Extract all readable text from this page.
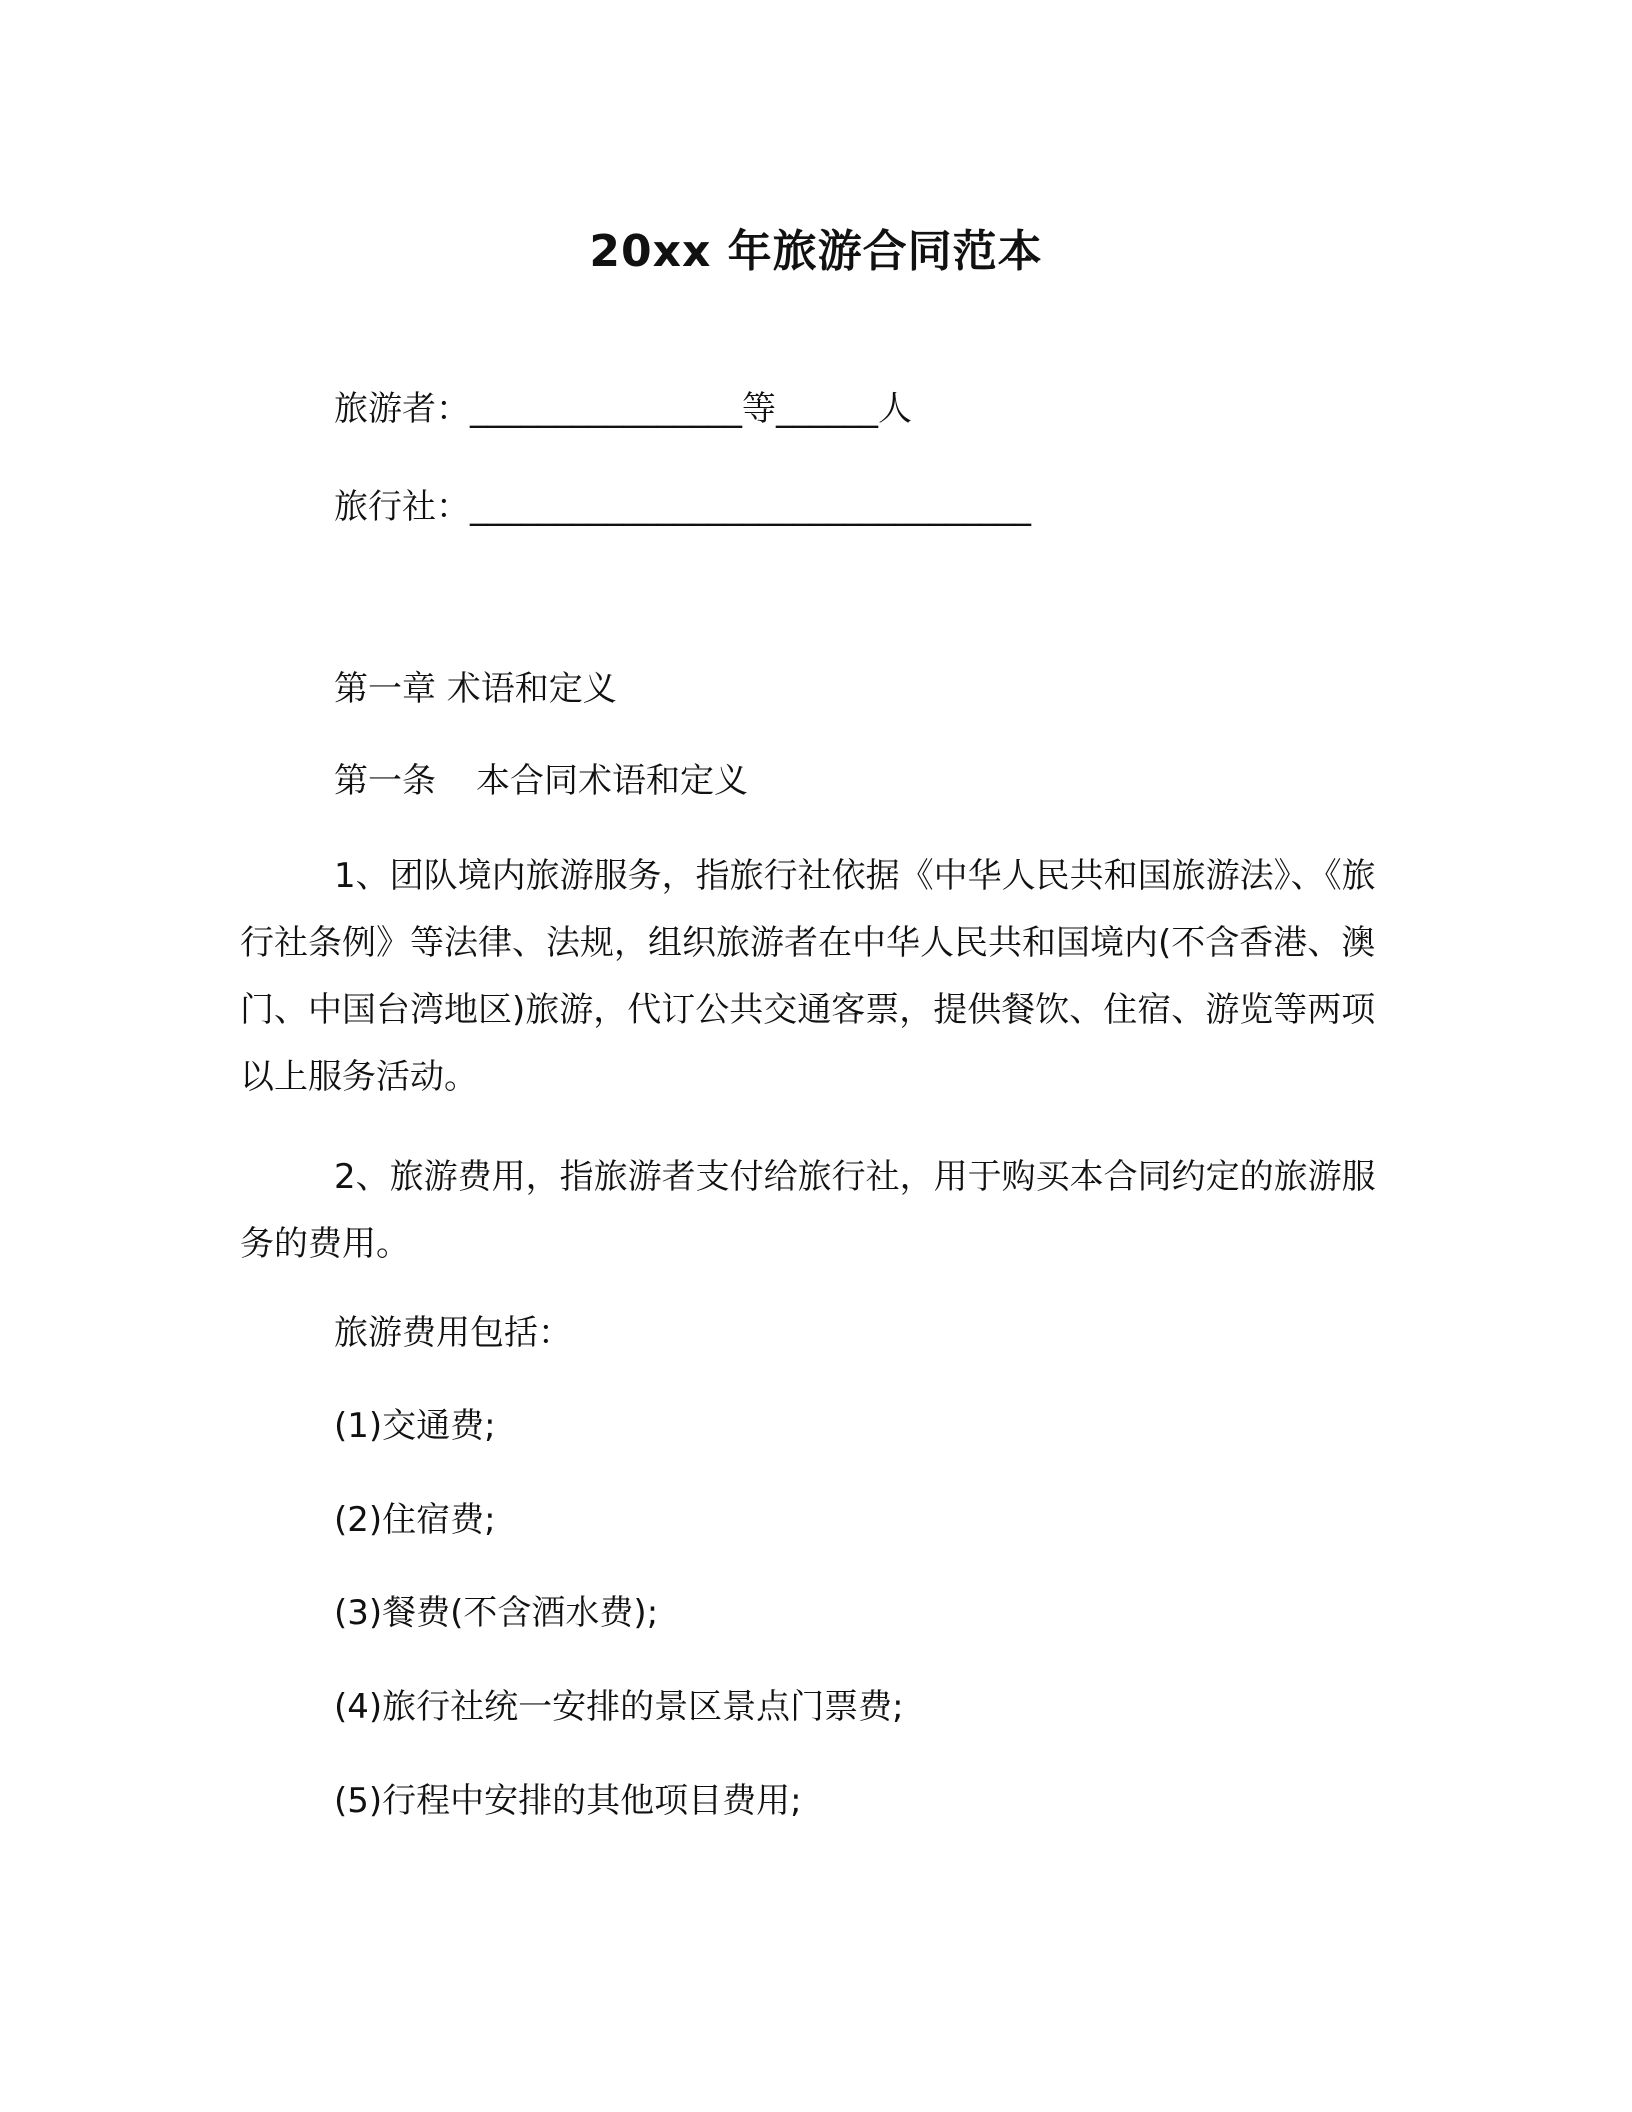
20xx 年旅游合同范本
旅游者：________________等______人
旅行社：_________________________________
第一章 术语和定义
第一条 本合同术语和定义
1、团队境内旅游服务，指旅行社依据《中华人民共和国旅游法》、《旅行社条例》等法律、法规，组织旅游者在中华人民共和国境内(不含香港、澳门、中国台湾地区)旅游，代订公共交通客票，提供餐饮、住宿、游览等两项以上服务活动。
2、旅游费用，指旅游者支付给旅行社，用于购买本合同约定的旅游服务的费用。
旅游费用包括：
(1)交通费;
(2)住宿费;
(3)餐费(不含酒水费);
(4)旅行社统一安排的景区景点门票费;
(5)行程中安排的其他项目费用;
